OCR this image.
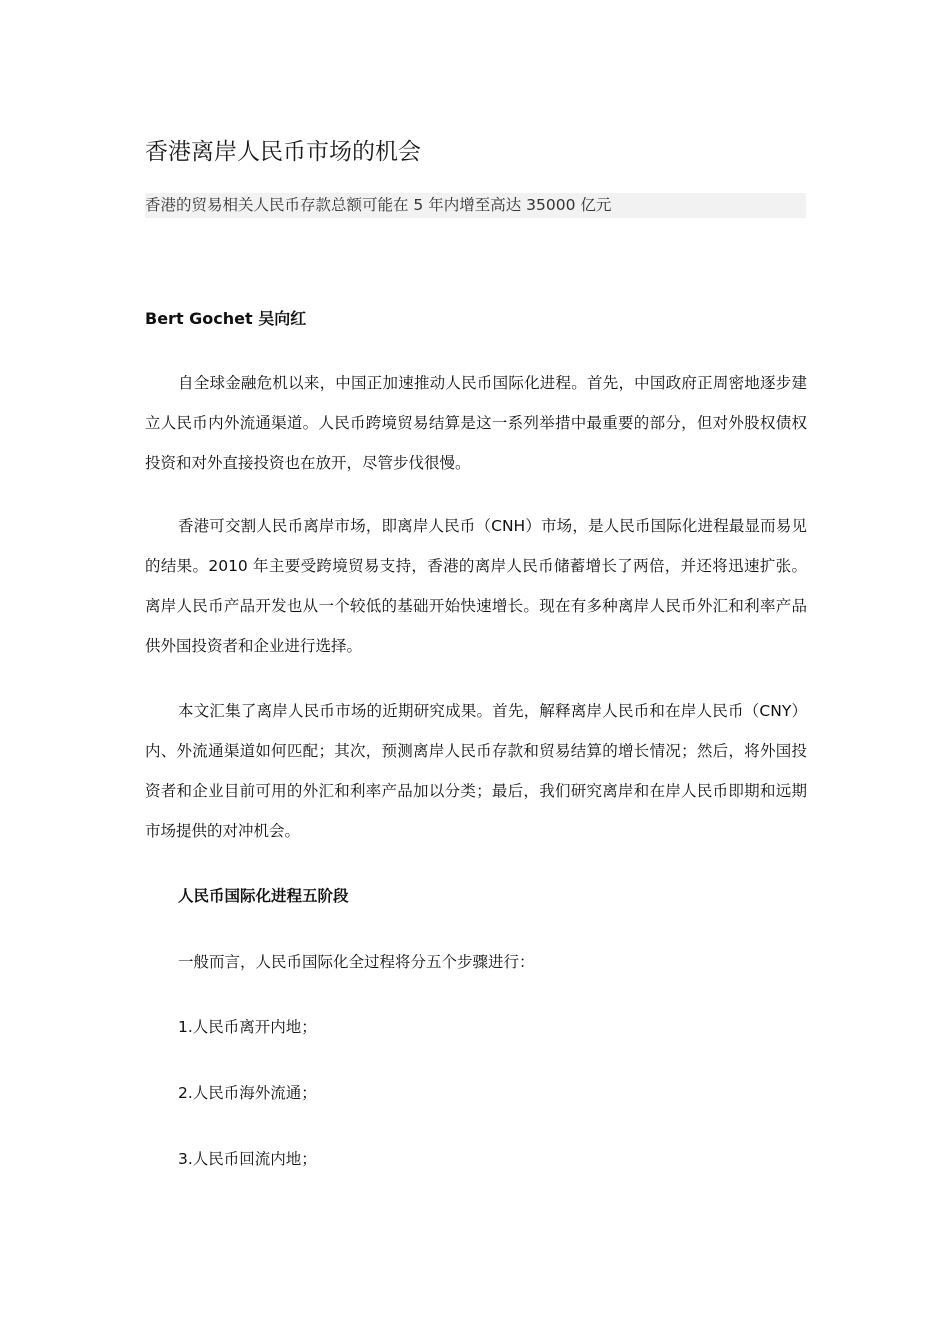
香港离岸人民币市场的机会
香港的贸易相关人民币存款总额可能在 5 年内增至高达 35000 亿元
Bert Gochet 吴向红

自全球金融危机以来，中国正加速推动人民币国际化进程。首先，中国政府正周密地逐步建立人民币内外流通渠道。人民币跨境贸易结算是这一系列举措中最重要的部分，但对外股权债权投资和对外直接投资也在放开，尽管步伐很慢。

香港可交割人民币离岸市场，即离岸人民币（CNH）市场，是人民币国际化进程最显而易见的结果。2010 年主要受跨境贸易支持，香港的离岸人民币储蓄增长了两倍，并还将迅速扩张。离岸人民币产品开发也从一个较低的基础开始快速增长。现在有多种离岸人民币外汇和利率产品供外国投资者和企业进行选择。

本文汇集了离岸人民币市场的近期研究成果。首先，解释离岸人民币和在岸人民币（CNY）内、外流通渠道如何匹配；其次，预测离岸人民币存款和贸易结算的增长情况；然后，将外国投资者和企业目前可用的外汇和利率产品加以分类；最后，我们研究离岸和在岸人民币即期和远期市场提供的对冲机会。

人民币国际化进程五阶段
一般而言，人民币国际化全过程将分五个步骤进行：
1.人民币离开内地；
2.人民币海外流通；
3.人民币回流内地；
